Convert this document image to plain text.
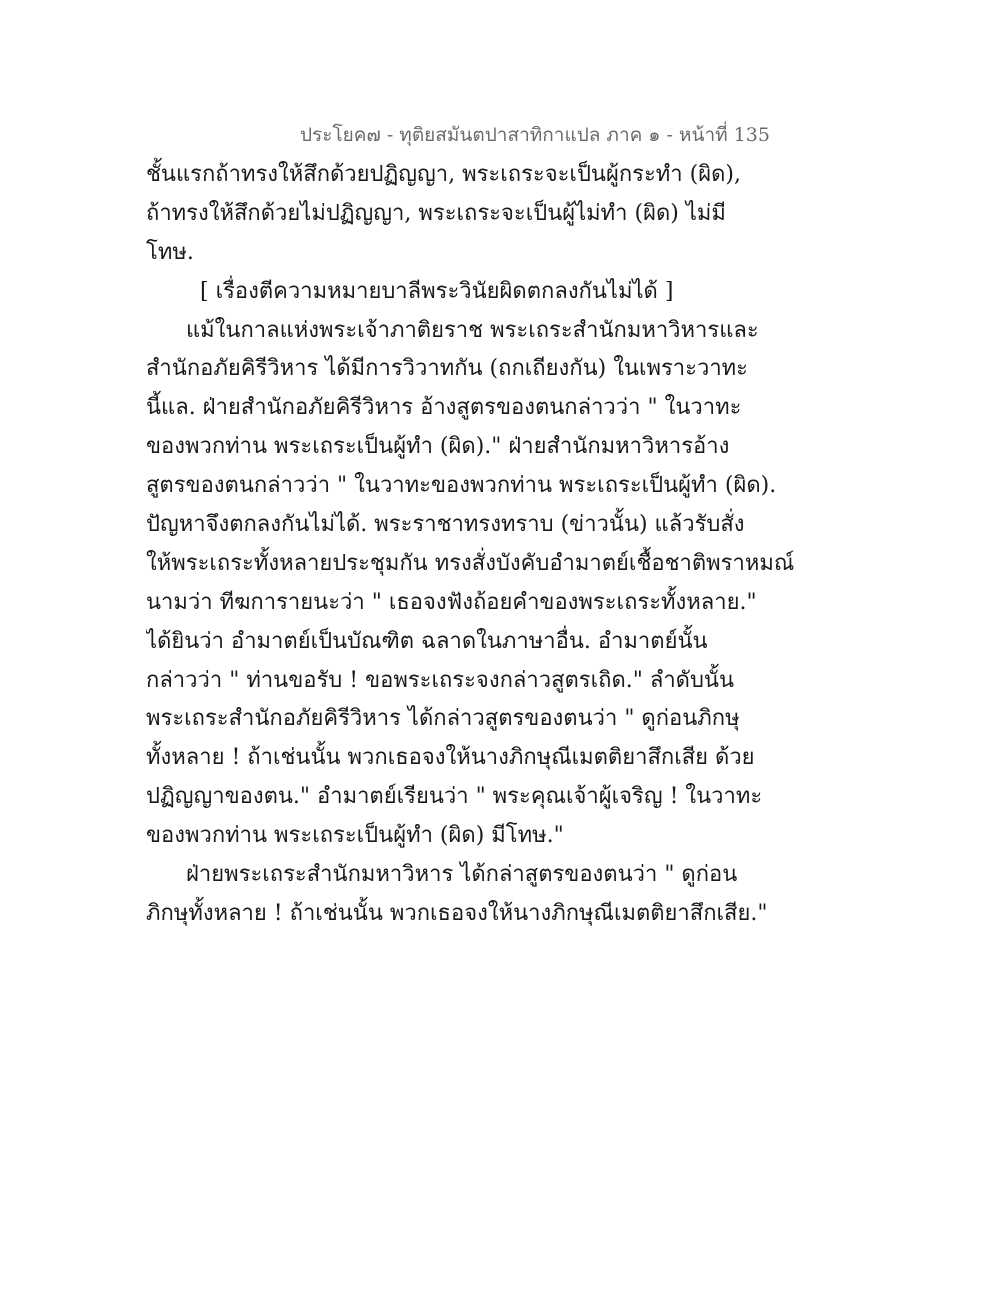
ประโยค๗ - ทุติยสมันตปาสาทิกาแปล ภาค ๑ - หน้าที่ 135
ชั้นแรกถ้าทรงให้สึกด้วยปฏิญญา, พระเถระจะเป็นผู้กระทำ (ผิด),
ถ้าทรงให้สึกด้วยไม่ปฏิญญา, พระเถระจะเป็นผู้ไม่ทำ (ผิด) ไม่มี
โทษ.
[ เรื่องตีความหมายบาลีพระวินัยผิดตกลงกันไม่ได้ ]
แม้ในกาลแห่งพระเจ้าภาติยราช พระเถระสำนักมหาวิหารและ
สำนักอภัยคิรีวิหาร ได้มีการวิวาทกัน (ถกเถียงกัน) ในเพราะวาทะ
นี้แล. ฝ่ายสำนักอภัยคิรีวิหาร อ้างสูตรของตนกล่าวว่า " ในวาทะ
ของพวกท่าน พระเถระเป็นผู้ทำ (ผิด)." ฝ่ายสำนักมหาวิหารอ้าง
สูตรของตนกล่าวว่า " ในวาทะของพวกท่าน พระเถระเป็นผู้ทำ (ผิด).
ปัญหาจึงตกลงกันไม่ได้. พระราชาทรงทราบ (ข่าวนั้น) แล้วรับสั่ง
ให้พระเถระทั้งหลายประชุมกัน ทรงสั่งบังคับอำมาตย์เชื้อชาติพราหมณ์
นามว่า ทีฆการายนะว่า " เธอจงฟังถ้อยคำของพระเถระทั้งหลาย."
ได้ยินว่า อำมาตย์เป็นบัณฑิต ฉลาดในภาษาอื่น. อำมาตย์นั้น
กล่าวว่า " ท่านขอรับ ! ขอพระเถระจงกล่าวสูตรเถิด." ลำดับนั้น
พระเถระสำนักอภัยคิรีวิหาร ได้กล่าวสูตรของตนว่า " ดูก่อนภิกษุ
ทั้งหลาย ! ถ้าเช่นนั้น พวกเธอจงให้นางภิกษุณีเมตติยาสึกเสีย ด้วย
ปฏิญญาของตน." อำมาตย์เรียนว่า " พระคุณเจ้าผู้เจริญ ! ในวาทะ
ของพวกท่าน พระเถระเป็นผู้ทำ (ผิด) มีโทษ."
ฝ่ายพระเถระสำนักมหาวิหาร ได้กล่าสูตรของตนว่า " ดูก่อน
ภิกษุทั้งหลาย ! ถ้าเช่นนั้น พวกเธอจงให้นางภิกษุณีเมตติยาสึกเสีย."
